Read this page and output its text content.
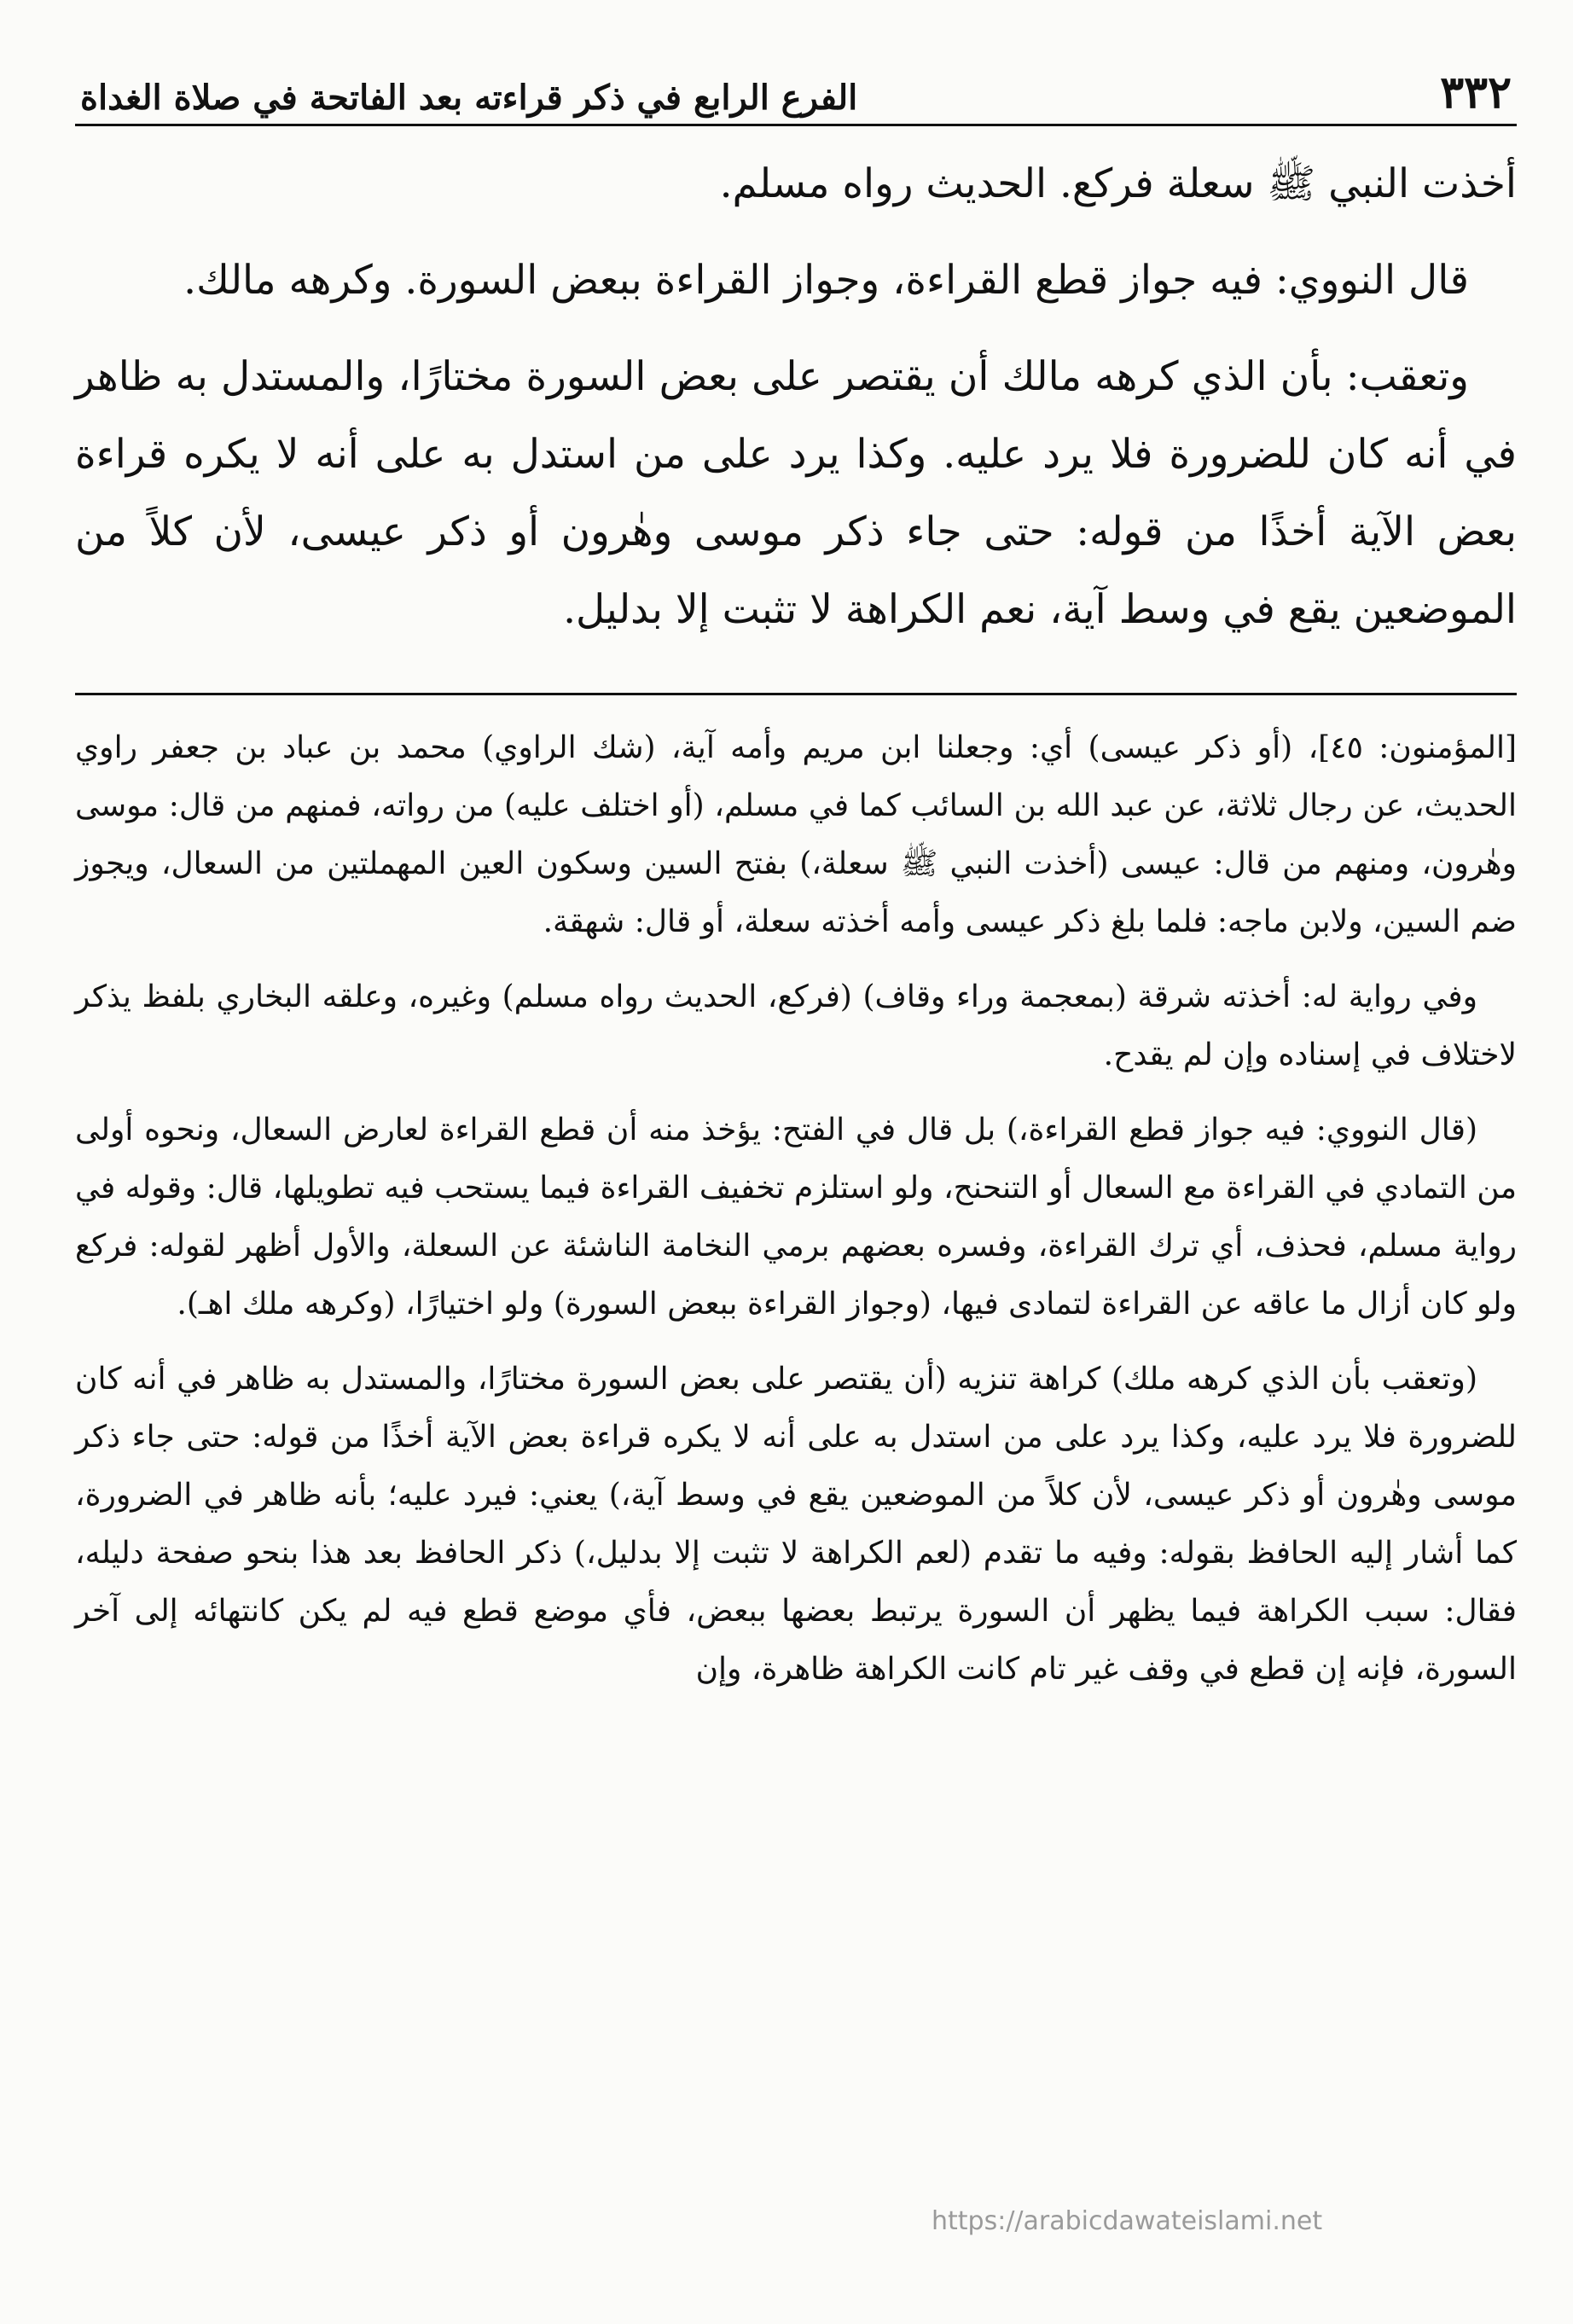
٣٣٢
الفرع الرابع في ذكر قراءته بعد الفاتحة في صلاة الغداة

أخذت النبي ﷺ سعلة فركع. الحديث رواه مسلم.

قال النووي: فيه جواز قطع القراءة، وجواز القراءة ببعض السورة. وكرهه مالك.

وتعقب: بأن الذي كرهه مالك أن يقتصر على بعض السورة مختارًا، والمستدل به ظاهر في أنه كان للضرورة فلا يرد عليه. وكذا يرد على من استدل به على أنه لا يكره قراءة بعض الآية أخذًا من قوله: حتى جاء ذكر موسى وهٰرون أو ذكر عيسى، لأن كلاً من الموضعين يقع في وسط آية، نعم الكراهة لا تثبت إلا بدليل.

[المؤمنون: ٤٥]، (أو ذكر عيسى) أي: وجعلنا ابن مريم وأمه آية، (شك الراوي) محمد بن عباد بن جعفر راوي الحديث، عن رجال ثلاثة، عن عبد الله بن السائب كما في مسلم، (أو اختلف عليه) من رواته، فمنهم من قال: موسى وهٰرون، ومنهم من قال: عيسى (أخذت النبي ﷺ سعلة،) بفتح السين وسكون العين المهملتين من السعال، ويجوز ضم السين، ولابن ماجه: فلما بلغ ذكر عيسى وأمه أخذته سعلة، أو قال: شهقة.

وفي رواية له: أخذته شرقة (بمعجمة وراء وقاف) (فركع، الحديث رواه مسلم) وغيره، وعلقه البخاري بلفظ يذكر لاختلاف في إسناده وإن لم يقدح.

(قال النووي: فيه جواز قطع القراءة،) بل قال في الفتح: يؤخذ منه أن قطع القراءة لعارض السعال، ونحوه أولى من التمادي في القراءة مع السعال أو التنحنح، ولو استلزم تخفيف القراءة فيما يستحب فيه تطويلها، قال: وقوله في رواية مسلم، فحذف، أي ترك القراءة، وفسره بعضهم برمي النخامة الناشئة عن السعلة، والأول أظهر لقوله: فركع ولو كان أزال ما عاقه عن القراءة لتمادى فيها، (وجواز القراءة ببعض السورة) ولو اختيارًا، (وكرهه ملك اهـ).

(وتعقب بأن الذي كرهه ملك) كراهة تنزيه (أن يقتصر على بعض السورة مختارًا، والمستدل به ظاهر في أنه كان للضرورة فلا يرد عليه، وكذا يرد على من استدل به على أنه لا يكره قراءة بعض الآية أخذًا من قوله: حتى جاء ذكر موسى وهٰرون أو ذكر عيسى، لأن كلاً من الموضعين يقع في وسط آية،) يعني: فيرد عليه؛ بأنه ظاهر في الضرورة، كما أشار إليه الحافظ بقوله: وفيه ما تقدم (لعم الكراهة لا تثبت إلا بدليل،) ذكر الحافظ بعد هذا بنحو صفحة دليله، فقال: سبب الكراهة فيما يظهر أن السورة يرتبط بعضها ببعض، فأي موضع قطع فيه لم يكن كانتهائه إلى آخر السورة، فإنه إن قطع في وقف غير تام كانت الكراهة ظاهرة، وإن

https://arabicdawateislami.net
